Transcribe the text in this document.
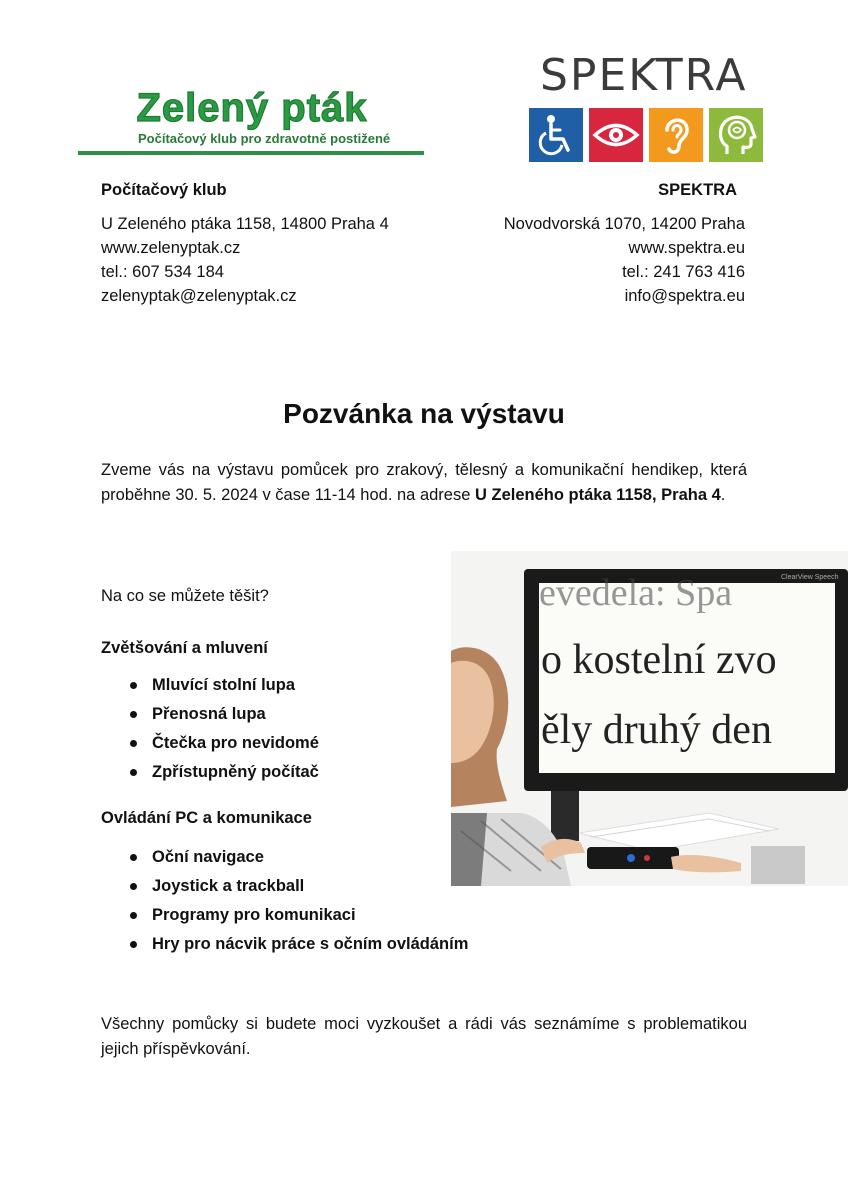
Zelený pták
Počítačový klub pro zdravotně postižené
SPEKTRA
Počítačový klub
U Zeleného ptáka 1158, 14800 Praha 4
www.zelenyptak.cz
tel.: 607 534 184
zelenyptak@zelenyptak.cz
SPEKTRA
Novodvorská 1070, 14200 Praha
www.spektra.eu
tel.: 241 763 416
info@spektra.eu
Pozvánka na výstavu
Zveme vás na výstavu pomůcek pro zrakový, tělesný a komunikační hendikep, která proběhne 30. 5. 2024 v čase 11-14 hod. na adrese U Zeleného ptáka 1158, Praha 4.
ClearView Speech
evedela: Spa
o kostelní zvo
ěly druhý den
Na co se můžete těšit?
Zvětšování a mluvení
Mluvící stolní lupa
Přenosná lupa
Čtečka pro nevidomé
Zpřístupněný počítač
Ovládání PC a komunikace
Oční navigace
Joystick a trackball
Programy pro komunikaci
Hry pro nácvik práce s očním ovládáním
Všechny pomůcky si budete moci vyzkoušet a rádi vás seznámíme s problematikou jejich příspěvkování.
